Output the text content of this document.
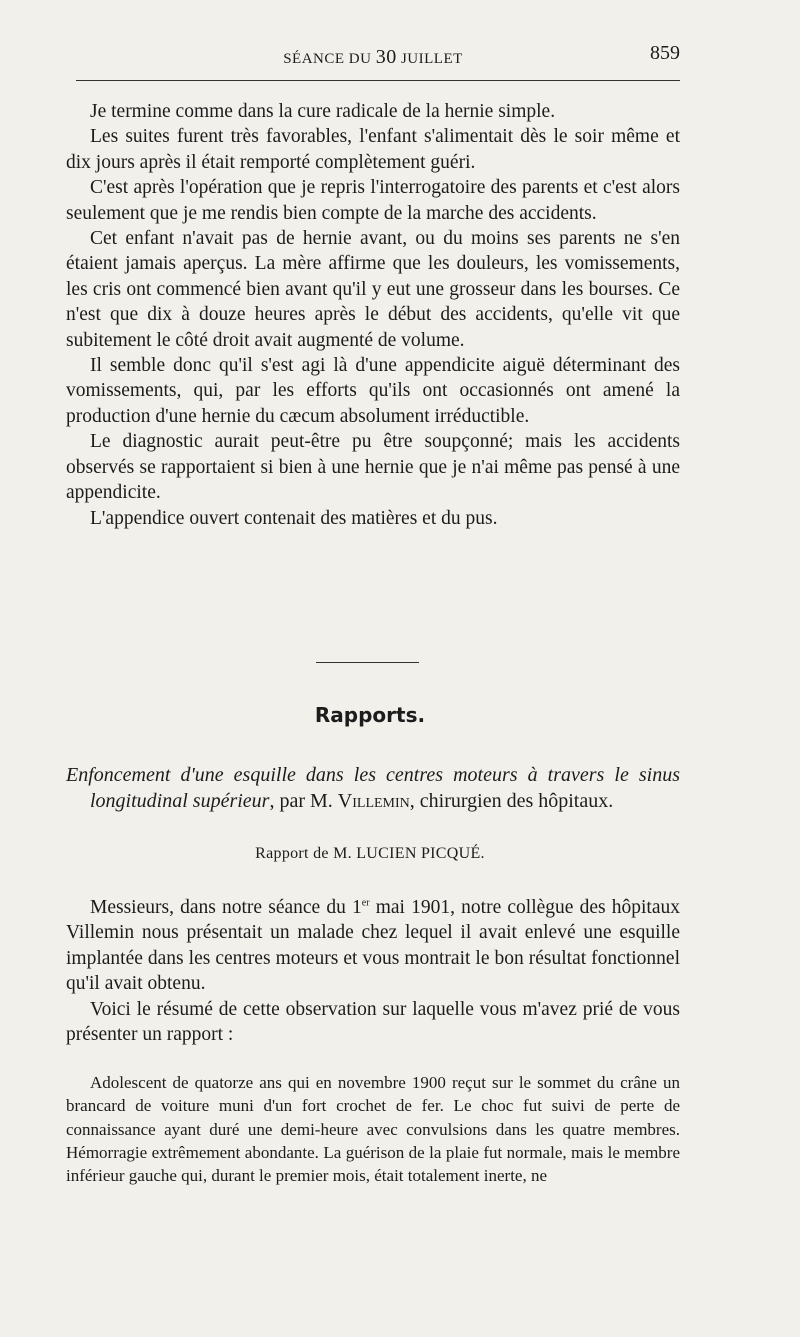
SÉANCE DU 30 JUILLET	859

Je termine comme dans la cure radicale de la hernie simple.

Les suites furent très favorables, l'enfant s'alimentait dès le soir même et dix jours après il était remporté complètement guéri.

C'est après l'opération que je repris l'interrogatoire des parents et c'est alors seulement que je me rendis bien compte de la marche des accidents.

Cet enfant n'avait pas de hernie avant, ou du moins ses parents ne s'en étaient jamais aperçus. La mère affirme que les douleurs, les vomissements, les cris ont commencé bien avant qu'il y eut une grosseur dans les bourses. Ce n'est que dix à douze heures après le début des accidents, qu'elle vit que subitement le côté droit avait augmenté de volume.

Il semble donc qu'il s'est agi là d'une appendicite aiguë déterminant des vomissements, qui, par les efforts qu'ils ont occasionnés ont amené la production d'une hernie du cæcum absolument irréductible.

Le diagnostic aurait peut-être pu être soupçonné; mais les accidents observés se rapportaient si bien à une hernie que je n'ai même pas pensé à une appendicite.

L'appendice ouvert contenait des matières et du pus.

Rapports.
Enfoncement d'une esquille dans les centres moteurs à travers le sinus longitudinal supérieur, par M. Villemin, chirurgien des hôpitaux.
Rapport de M. LUCIEN PICQUÉ.

Messieurs, dans notre séance du 1er mai 1901, notre collègue des hôpitaux Villemin nous présentait un malade chez lequel il avait enlevé une esquille implantée dans les centres moteurs et vous montrait le bon résultat fonctionnel qu'il avait obtenu.

Voici le résumé de cette observation sur laquelle vous m'avez prié de vous présenter un rapport :

Adolescent de quatorze ans qui en novembre 1900 reçut sur le sommet du crâne un brancard de voiture muni d'un fort crochet de fer. Le choc fut suivi de perte de connaissance ayant duré une demi-heure avec convulsions dans les quatre membres. Hémorragie extrêmement abondante. La guérison de la plaie fut normale, mais le membre inférieur gauche qui, durant le premier mois, était totalement inerte, ne
